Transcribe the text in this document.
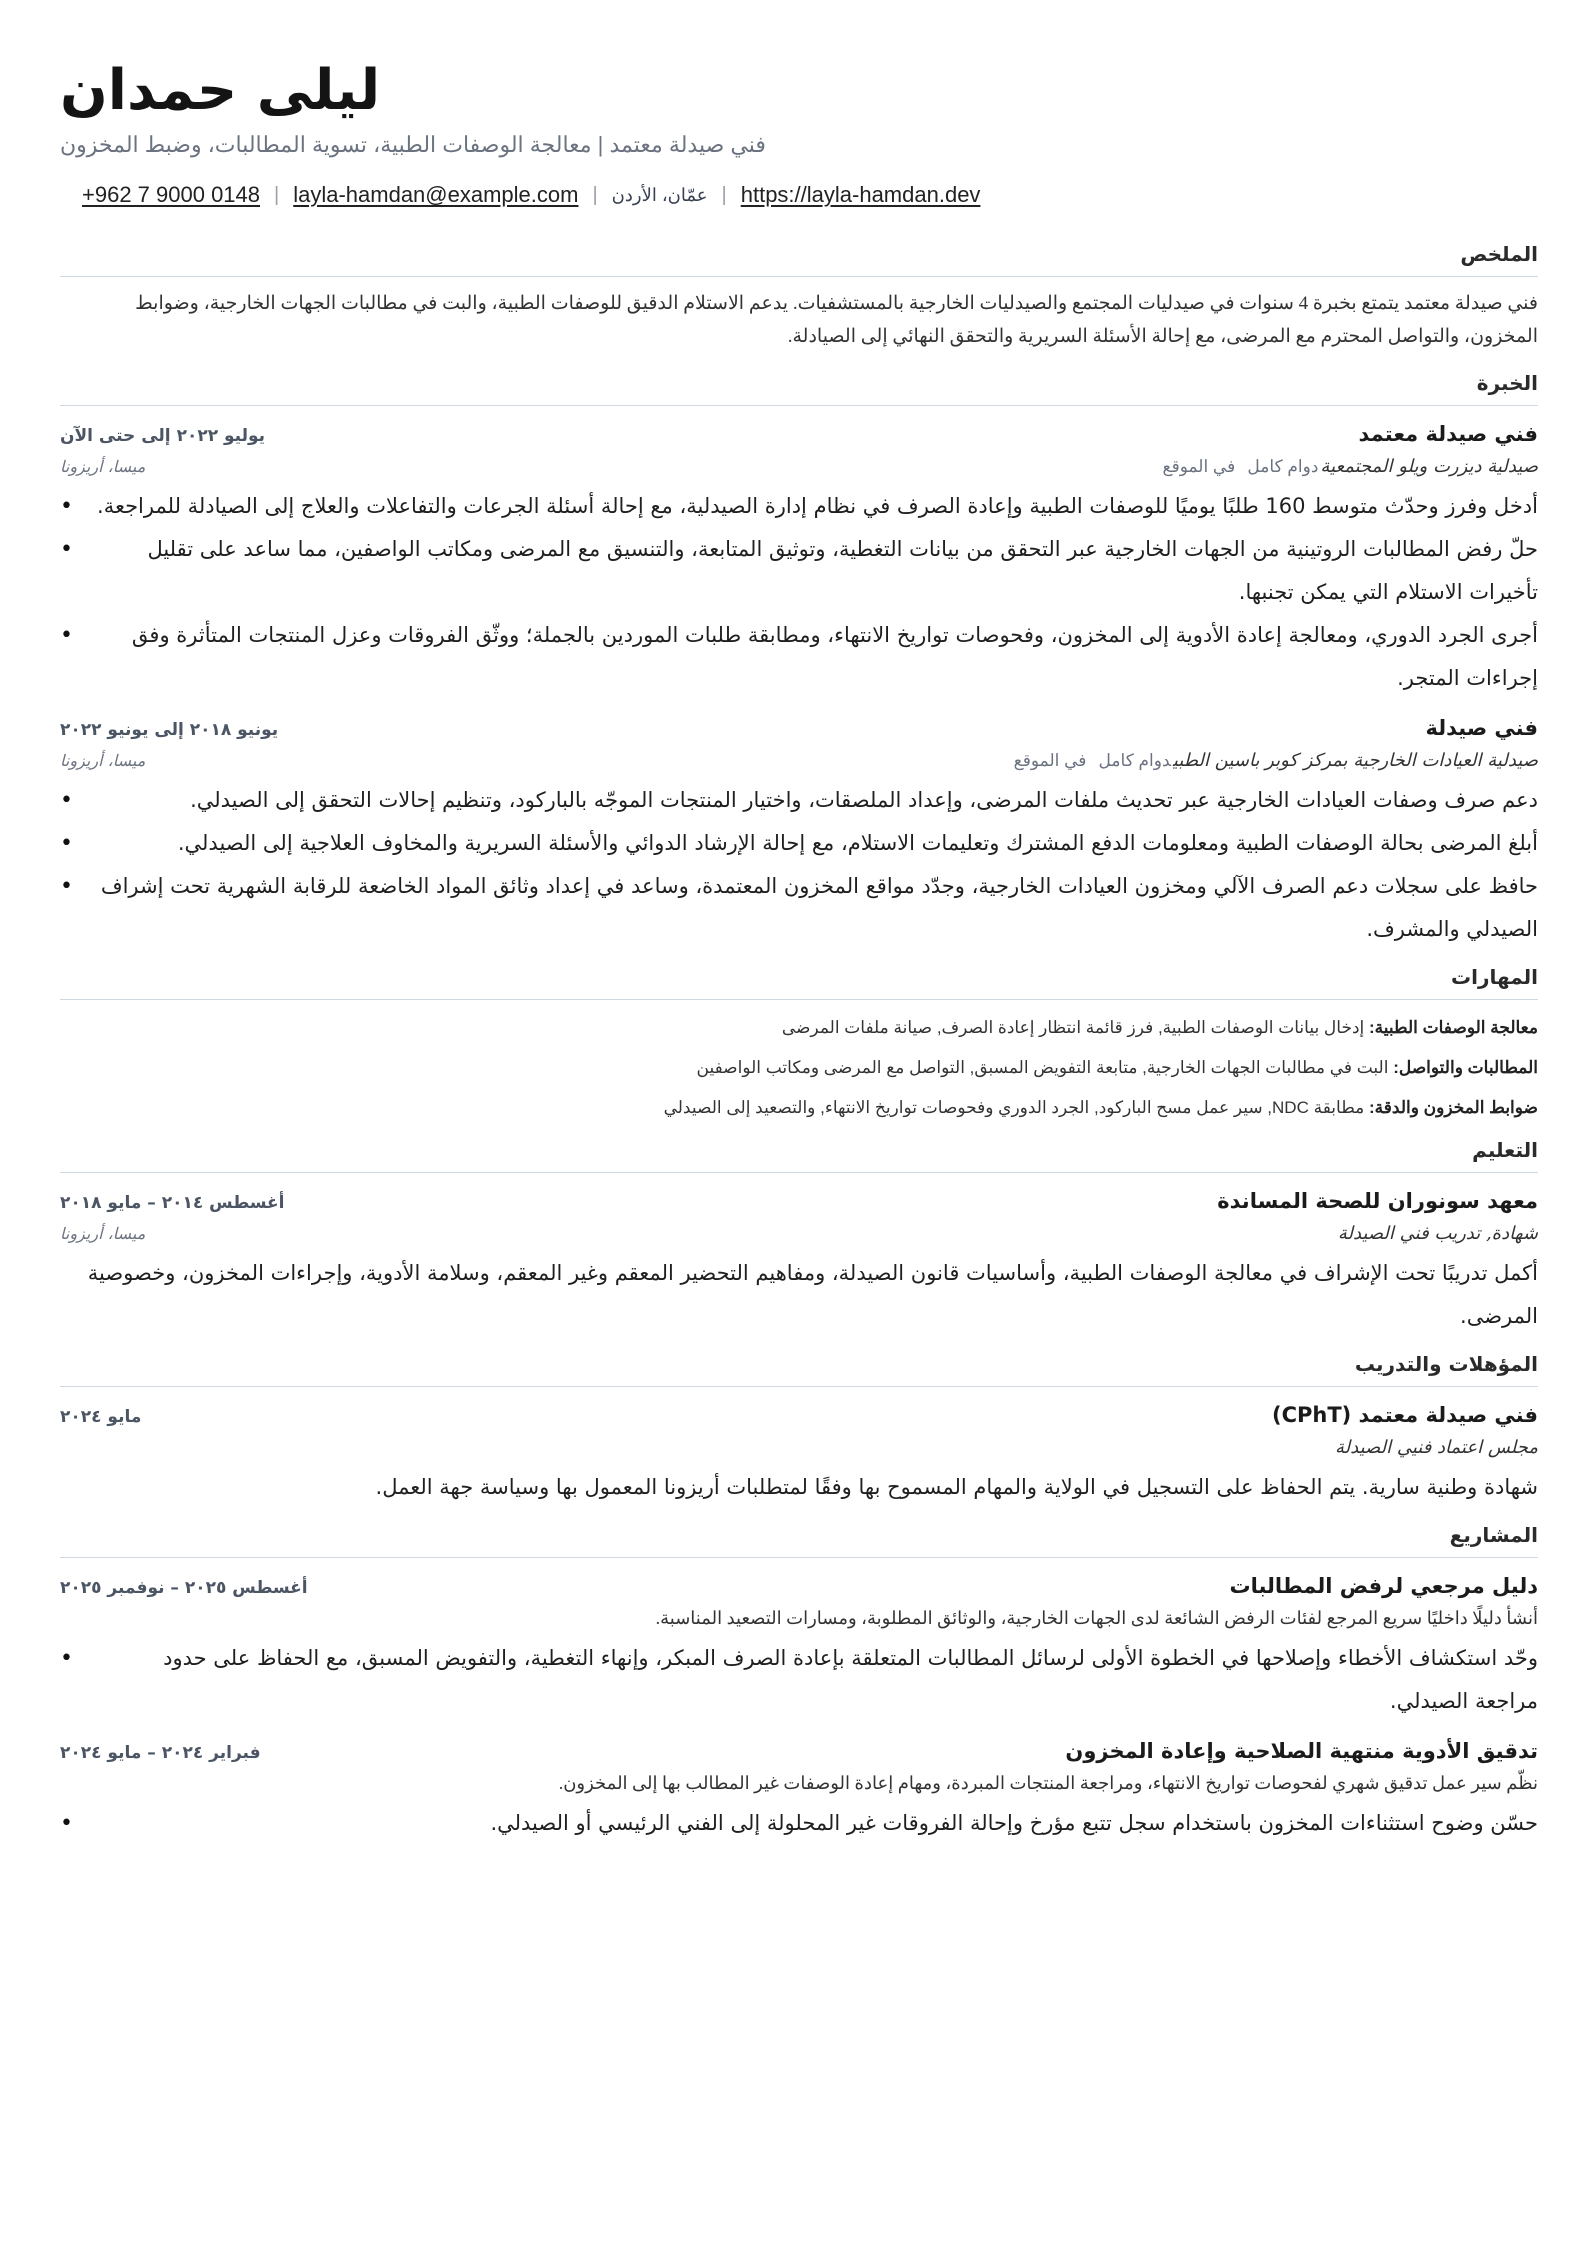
ليلى حمدان
فني صيدلة معتمد | معالجة الوصفات الطبية، تسوية المطالبات، وضبط المخزون
+962 7 9000 0148 | layla-hamdan@example.com | عمّان، الأردن | https://layla-hamdan.dev
الملخص
فني صيدلة معتمد يتمتع بخبرة 4 سنوات في صيدليات المجتمع والصيدليات الخارجية بالمستشفيات. يدعم الاستلام الدقيق للوصفات الطبية، والبت في مطالبات الجهات الخارجية، وضوابط المخزون، والتواصل المحترم مع المرضى، مع إحالة الأسئلة السريرية والتحقق النهائي إلى الصيادلة.
الخبرة
فني صيدلة معتمد
يوليو ٢٠٢٢ إلى حتى الآن
صيدلية ديزرت ويلو المجتمعيةدوام كامل  في الموقع
ميسا، أريزونا
أدخل وفرز وحدّث متوسط 160 طلبًا يوميًا للوصفات الطبية وإعادة الصرف في نظام إدارة الصيدلية، مع إحالة أسئلة الجرعات والتفاعلات والعلاج إلى الصيادلة للمراجعة.
•
حلّ رفض المطالبات الروتينية من الجهات الخارجية عبر التحقق من بيانات التغطية، وتوثيق المتابعة، والتنسيق مع المرضى ومكاتب الواصفين، مما ساعد على تقليل تأخيرات الاستلام التي يمكن تجنبها.
•
أجرى الجرد الدوري، ومعالجة إعادة الأدوية إلى المخزون، وفحوصات تواريخ الانتهاء، ومطابقة طلبات الموردين بالجملة؛ ووثّق الفروقات وعزل المنتجات المتأثرة وفق إجراءات المتجر.
•
فني صيدلة
يونيو ٢٠١٨ إلى يونيو ٢٠٢٢
صيدلية العيادات الخارجية بمركز كوبر باسين الطبيدوام كامل  في الموقع
ميسا، أريزونا
دعم صرف وصفات العيادات الخارجية عبر تحديث ملفات المرضى، وإعداد الملصقات، واختيار المنتجات الموجّه بالباركود، وتنظيم إحالات التحقق إلى الصيدلي.
•
أبلغ المرضى بحالة الوصفات الطبية ومعلومات الدفع المشترك وتعليمات الاستلام، مع إحالة الإرشاد الدوائي والأسئلة السريرية والمخاوف العلاجية إلى الصيدلي.
•
حافظ على سجلات دعم الصرف الآلي ومخزون العيادات الخارجية، وجدّد مواقع المخزون المعتمدة، وساعد في إعداد وثائق المواد الخاضعة للرقابة الشهرية تحت إشراف الصيدلي والمشرف.
•
المهارات
معالجة الوصفات الطبية: إدخال بيانات الوصفات الطبية, فرز قائمة انتظار إعادة الصرف, صيانة ملفات المرضى
المطالبات والتواصل: البت في مطالبات الجهات الخارجية, متابعة التفويض المسبق, التواصل مع المرضى ومكاتب الواصفين
ضوابط المخزون والدقة: مطابقة NDC, سير عمل مسح الباركود, الجرد الدوري وفحوصات تواريخ الانتهاء, والتصعيد إلى الصيدلي
التعليم
معهد سونوران للصحة المساندة
أغسطس ٢٠١٤ – مايو ٢٠١٨
شهادة, تدريب فني الصيدلة
ميسا، أريزونا
أكمل تدريبًا تحت الإشراف في معالجة الوصفات الطبية، وأساسيات قانون الصيدلة، ومفاهيم التحضير المعقم وغير المعقم، وسلامة الأدوية، وإجراءات المخزون، وخصوصية المرضى.
المؤهلات والتدريب
فني صيدلة معتمد (CPhT)
مايو ٢٠٢٤
مجلس اعتماد فنيي الصيدلة
شهادة وطنية سارية. يتم الحفاظ على التسجيل في الولاية والمهام المسموح بها وفقًا لمتطلبات أريزونا المعمول بها وسياسة جهة العمل.
المشاريع
دليل مرجعي لرفض المطالبات
أغسطس ٢٠٢٥ – نوفمبر ٢٠٢٥
أنشأ دليلًا داخليًا سريع المرجع لفئات الرفض الشائعة لدى الجهات الخارجية، والوثائق المطلوبة، ومسارات التصعيد المناسبة.
وحّد استكشاف الأخطاء وإصلاحها في الخطوة الأولى لرسائل المطالبات المتعلقة بإعادة الصرف المبكر، وإنهاء التغطية، والتفويض المسبق، مع الحفاظ على حدود مراجعة الصيدلي.
•
تدقيق الأدوية منتهية الصلاحية وإعادة المخزون
فبراير ٢٠٢٤ – مايو ٢٠٢٤
نظّم سير عمل تدقيق شهري لفحوصات تواريخ الانتهاء، ومراجعة المنتجات المبردة، ومهام إعادة الوصفات غير المطالب بها إلى المخزون.
حسّن وضوح استثناءات المخزون باستخدام سجل تتبع مؤرخ وإحالة الفروقات غير المحلولة إلى الفني الرئيسي أو الصيدلي.
•
